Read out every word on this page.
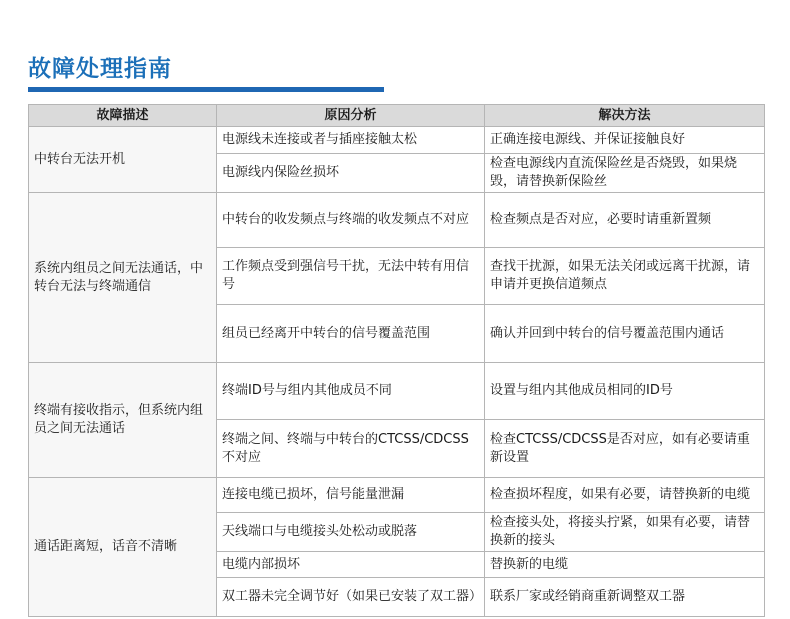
故障处理指南
故障描述	原因分析	解决方法
中转台无法开机	电源线未连接或者与插座接触太松	正确连接电源线、并保证接触良好
	电源线内保险丝损坏	检查电源线内直流保险丝是否烧毁，如果烧毁，请替换新保险丝
系统内组员之间无法通话，中转台无法与终端通信	中转台的收发频点与终端的收发频点不对应	检查频点是否对应，必要时请重新置频
	工作频点受到强信号干扰，无法中转有用信号	查找干扰源，如果无法关闭或远离干扰源，请申请并更换信道频点
	组员已经离开中转台的信号覆盖范围	确认并回到中转台的信号覆盖范围内通话
终端有接收指示，但系统内组员之间无法通话	终端ID号与组内其他成员不同	设置与组内其他成员相同的ID号
	终端之间、终端与中转台的CTCSS/CDCSS 不对应	检查CTCSS/CDCSS是否对应，如有必要请重新设置
通话距离短，话音不清晰	连接电缆已损坏，信号能量泄漏	检查损坏程度，如果有必要，请替换新的电缆
	天线端口与电缆接头处松动或脱落	检查接头处，将接头拧紧，如果有必要，请替换新的接头
	电缆内部损坏	替换新的电缆
	双工器未完全调节好（如果已安装了双工器）	联系厂家或经销商重新调整双工器
